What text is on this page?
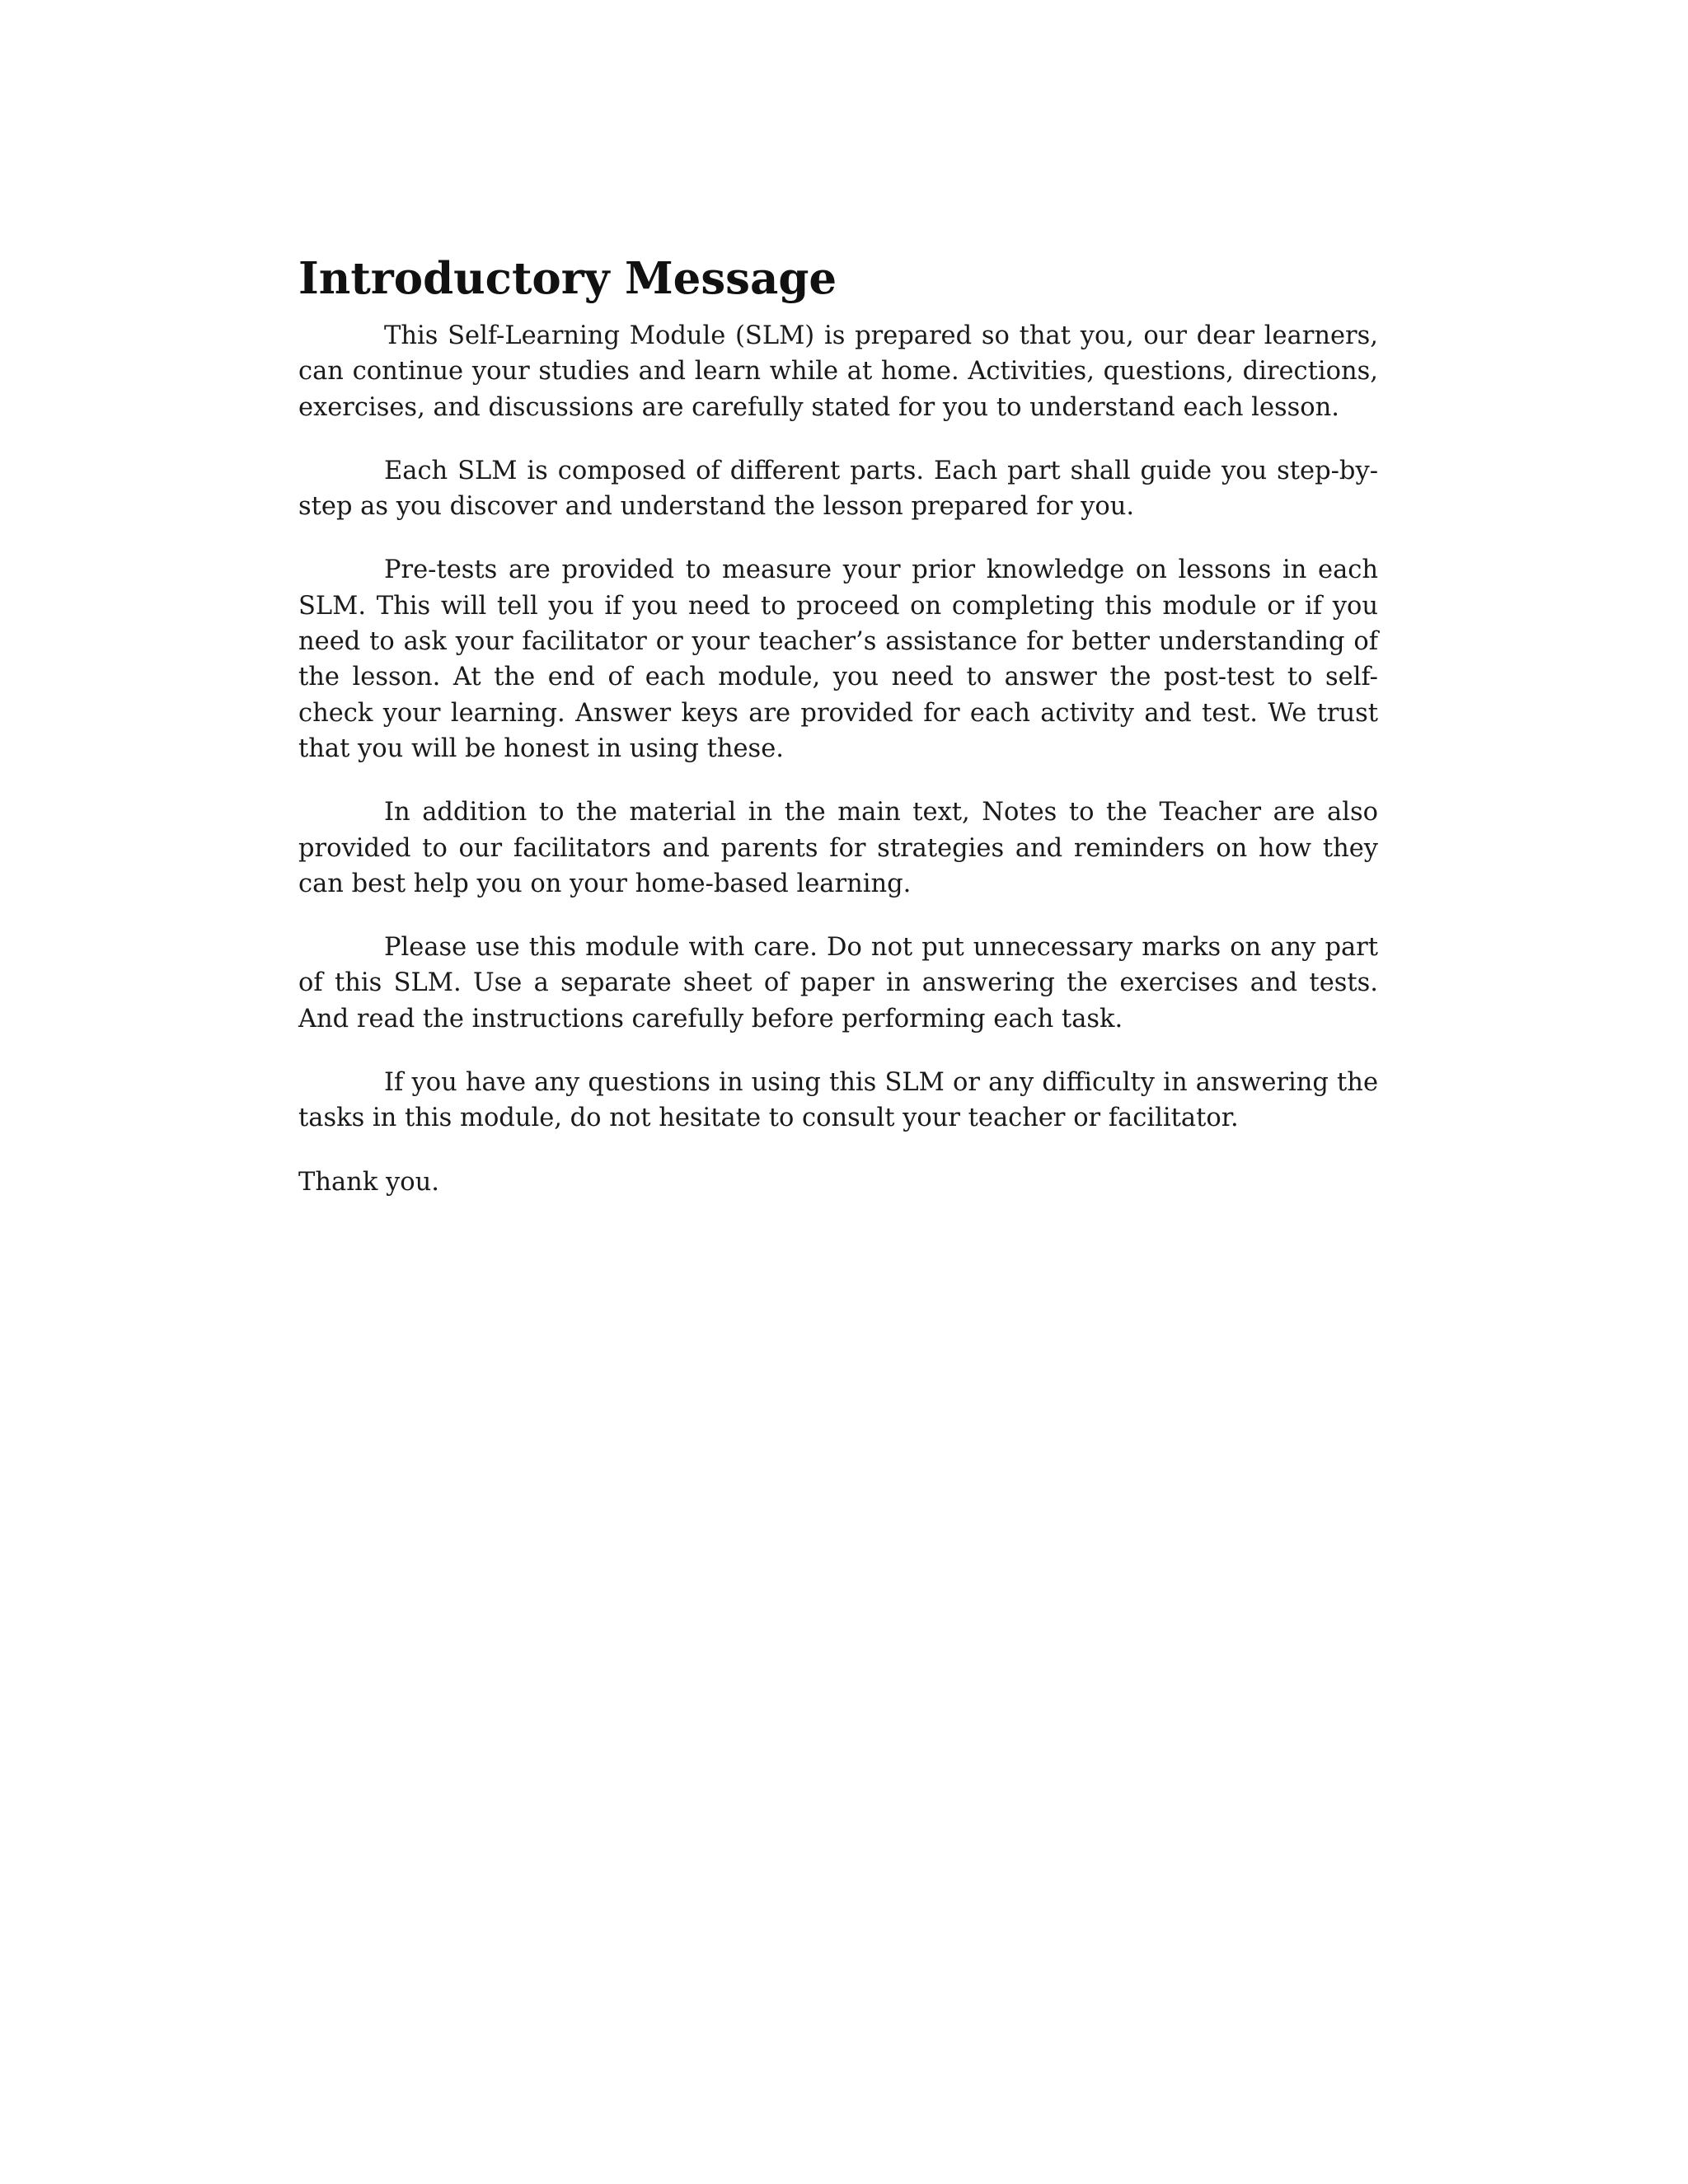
Introductory Message

This Self-Learning Module (SLM) is prepared so that you, our dear learners, can continue your studies and learn while at home. Activities, questions, directions, exercises, and discussions are carefully stated for you to understand each lesson.

Each SLM is composed of different parts. Each part shall guide you step-by-step as you discover and understand the lesson prepared for you.

Pre-tests are provided to measure your prior knowledge on lessons in each SLM. This will tell you if you need to proceed on completing this module or if you need to ask your facilitator or your teacher’s assistance for better understanding of the lesson. At the end of each module, you need to answer the post-test to self-check your learning. Answer keys are provided for each activity and test. We trust that you will be honest in using these.

In addition to the material in the main text, Notes to the Teacher are also provided to our facilitators and parents for strategies and reminders on how they can best help you on your home-based learning.

Please use this module with care. Do not put unnecessary marks on any part of this SLM. Use a separate sheet of paper in answering the exercises and tests. And read the instructions carefully before performing each task.

If you have any questions in using this SLM or any difficulty in answering the tasks in this module, do not hesitate to consult your teacher or facilitator.

Thank you.
